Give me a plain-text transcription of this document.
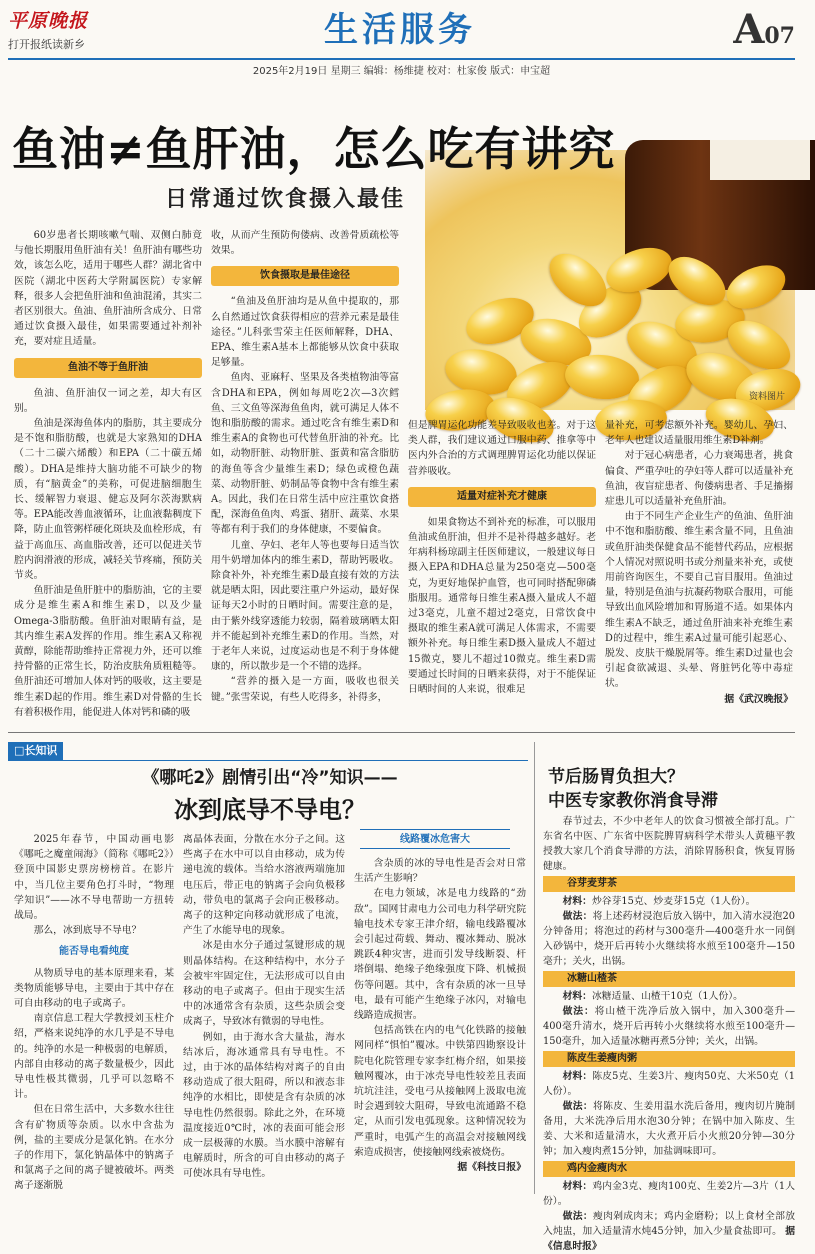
平原晚报
打开报纸读新乡	生活服务	A07
2025年2月19日 星期三 编辑：杨维捷 校对：杜家俊 版式：申宝超
资料图片
鱼油≠鱼肝油，怎么吃有讲究
日常通过饮食摄入最佳

60岁患者长期咳嗽气喘、双侧白肺竟与他长期服用鱼肝油有关！鱼肝油有哪些功效，该怎么吃，适用于哪些人群？湖北省中医院（湖北中医药大学附属医院）专家解释，很多人会把鱼肝油和鱼油混淆，其实二者区别很大。鱼油、鱼肝油所含成分、日常通过饮食摄入最佳，如果需要通过补剂补充，要对症且适量。

鱼油不等于鱼肝油

鱼油、鱼肝油仅一词之差，却大有区别。

鱼油是深海鱼体内的脂肪，其主要成分是不饱和脂肪酸，也就是大家熟知的DHA（二十二碳六烯酸）和EPA（二十碳五烯酸）。DHA是维持大脑功能不可缺少的物质，有“脑黄金”的美称，可促进脑细胞生长、缓解智力衰退、健忘及阿尔茨海默病等。EPA能改善血液循环，让血液黏稠度下降，防止血管粥样硬化斑块及血栓形成，有益于高血压、高血脂改善，还可以促进关节腔内润滑液的形成，减轻关节疼痛，预防关节炎。

鱼肝油是鱼肝脏中的脂肪油，它的主要成分是维生素A和维生素D，以及少量Omega-3脂肪酸。鱼肝油对眼睛有益，是其内维生素A发挥的作用。维生素A又称视黄醇，除能帮助维持正常视力外，还可以维持骨骼的正常生长，防治皮肤角质粗糙等。鱼肝油还可增加人体对钙的吸收，这主要是维生素D起的作用。维生素D对骨骼的生长有着积极作用，能促进人体对钙和磷的吸

收，从而产生预防佝偻病、改善骨质疏松等效果。

饮食摄取是最佳途径

“鱼油及鱼肝油均是从鱼中提取的，那么自然通过饮食获得相应的营养元素是最佳途径。”儿科张雪荣主任医师解释，DHA、EPA、维生素A基本上都能够从饮食中获取足够量。

鱼肉、亚麻籽、坚果及各类植物油等富含DHA和EPA，例如每周吃2次—3次鳕鱼、三文鱼等深海鱼鱼肉，就可满足人体不饱和脂肪酸的需求。通过吃含有维生素D和维生素A的食物也可代替鱼肝油的补充。比如，动物肝脏、动物肝脏、蛋黄和富含脂肪的海鱼等含少量维生素D；绿色或橙色蔬菜、动物肝脏、奶制品等食物中含有维生素A。因此，我们在日常生活中应注重饮食搭配，深海鱼鱼肉、鸡蛋、猪肝、蔬菜、水果等都有利于我们的身体健康，不要偏食。

儿童、孕妇、老年人等也要每日适当饮用牛奶增加体内的维生素D，帮助钙吸收。除食补外，补充维生素D最直接有效的方法就是晒太阳，因此要注重户外运动，最好保证每天2小时的日晒时间。需要注意的是，由于紫外线穿透能力较弱，隔着玻璃晒太阳并不能起到补充维生素D的作用。当然，对于老年人来说，过度运动也是不利于身体健康的，所以散步是一个不错的选择。

“营养的摄入是一方面，吸收也很关键。”张雪荣说，有些人吃得多，补得多，

但是脾胃运化功能差导致吸收也差。对于这类人群，我们建议通过口服中药、推拿等中医内外合治的方式调理脾胃运化功能以保证营养吸收。

适量对症补充才健康

如果食物达不到补充的标准，可以服用鱼油或鱼肝油，但并不是补得越多越好。老年病科杨琼副主任医师建议，一般建议每日摄入EPA和DHA总量为250毫克—500毫克，为更好地保护血管，也可同时搭配卵磷脂服用。通常每日维生素A摄入量成人不超过3毫克，儿童不超过2毫克，日常饮食中摄取的维生素A就可满足人体需求，不需要额外补充。每日维生素D摄入量成人不超过15微克，婴儿不超过10微克。维生素D需要通过长时间的日晒来获得，对于不能保证日晒时间的人来说，很难足

量补充，可考虑额外补充。婴幼儿、孕妇、老年人也建议适量服用维生素D补剂。

对于冠心病患者，心力衰竭患者，挑食偏食、严重孕吐的孕妇等人群可以适量补充鱼油，夜盲症患者、佝偻病患者、手足搐搦症患儿可以适量补充鱼肝油。

由于不同生产企业生产的鱼油、鱼肝油中不饱和脂肪酸、维生素含量不同，且鱼油或鱼肝油类保健食品不能替代药品，应根据个人情况对照说明书或分剂量来补充，或使用前咨询医生，不要自己盲目服用。鱼油过量，特别是鱼油与抗凝药物联合服用，可能导致出血风险增加和胃肠道不适。如果体内维生素A不缺乏，通过鱼肝油来补充维生素D的过程中，维生素A过量可能引起恶心、脱发、皮肤干燥脱屑等。维生素D过量也会引起食欲减退、头晕、肾脏钙化等中毒症状。

据《武汉晚报》

□长知识
《哪吒2》剧情引出“冷”知识——
冰到底导不导电？

2025年春节，中国动画电影《哪吒之魔童闹海》（简称《哪吒2》）登顶中国影史票房榜榜首。在影片中，当几位主要角色打斗时，“物理学知识”——冰不导电帮助一方扭转战局。

那么，冰到底导不导电？

能否导电看纯度

从物质导电的基本原理来看，某类物质能够导电，主要由于其中存在可自由移动的电子或离子。

南京信息工程大学教授刘玉柱介绍，严格来说纯净的水几乎是不导电的。纯净的水是一种极弱的电解质，内部自由移动的离子数量极少，因此导电性极其微弱，几乎可以忽略不计。

但在日常生活中，大多数水往往含有矿物质等杂质。以水中含盐为例，盐的主要成分是氯化钠。在水分子的作用下，氯化钠晶体中的钠离子和氯离子之间的离子键被破坏。两类离子逐渐脱

离晶体表面，分散在水分子之间。这些离子在水中可以自由移动，成为传递电流的载体。当给水溶液两端施加电压后，带正电的钠离子会向负极移动，带负电的氯离子会向正极移动。离子的这种定向移动就形成了电流，产生了水能导电的现象。

冰是由水分子通过氢键形成的规则晶体结构。在这种结构中，水分子会被牢牢固定住，无法形成可以自由移动的电子或离子。但由于现实生活中的冰通常含有杂质，这些杂质会变成离子，导致冰有微弱的导电性。

例如，由于海水含大量盐，海水结冰后，海冰通常具有导电性。不过，由于冰的晶体结构对离子的自由移动造成了很大阻碍，所以和液态非纯净的水相比，即使是含有杂质的冰导电性仍然很弱。除此之外，在环境温度接近0℃时，冰的表面可能会形成一层极薄的水膜。当水膜中溶解有电解质时，所含的可自由移动的离子可使冰具有导电性。

线路覆冰危害大

含杂质的冰的导电性是否会对日常生活产生影响？

在电力领域，冰是电力线路的“劲敌”。国网甘肃电力公司电力科学研究院输电技术专家王津介绍，输电线路覆冰会引起过荷载、舞动、覆冰舞动、脱冰跳跃4种灾害，进而引发导线断裂、杆塔倒塌、绝缘子绝缘强度下降、机械损伤等问题。其中，含有杂质的冰一旦导电，最有可能产生绝缘子冰闪，对输电线路造成损害。

包括高铁在内的电气化铁路的接触网同样“惧怕”覆冰。中铁第四勘察设计院电化院管理专家李红梅介绍，如果接触网覆冰，由于冰壳导电性较差且表面坑坑洼洼，受电弓从接触网上汲取电流时会遇到较大阻碍，导致电流通路不稳定，从而引发电弧现象。这种情况较为严重时，电弧产生的高温会对接触网线索造成损害，使接触网线索被烧伤。

据《科技日报》

节后肠胃负担大？
中医专家教你消食导滞

春节过去，不少中老年人的饮食习惯被全部打乱。广东省名中医、广东省中医院脾胃病科学术带头人黄穗平教授教大家几个消食导滞的方法，消除胃肠积食，恢复胃肠健康。

谷芽麦芽茶

材料：炒谷芽15克、炒麦芽15克（1人份）。

做法：将上述药材浸泡后放入锅中，加入清水浸泡20分钟备用；将泡过的药材与300毫升—400毫升水一同倒入砂锅中，烧开后再转小火继续将水煎至100毫升—150毫升；关火，出锅。

冰糖山楂茶

材料：冰糖适量、山楂干10克（1人份）。

做法：将山楂干洗净后放入锅中，加入300毫升—400毫升清水，烧开后再转小火继续将水煎至100毫升—150毫升，加入适量冰糖再煮5分钟；关火，出锅。

陈皮生姜瘦肉粥

材料：陈皮5克、生姜3片、瘦肉50克、大米50克（1人份）。

做法：将陈皮、生姜用温水洗后备用，瘦肉切片腌制备用，大米洗净后用水泡30分钟；在锅中加入陈皮、生姜、大米和适量清水，大火煮开后小火煎20分钟—30分钟；加入瘦肉煮15分钟，加盐调味即可。

鸡内金瘦肉水

材料：鸡内金3克、瘦肉100克、生姜2片—3片（1人份）。

做法：瘦肉剁成肉末；鸡内金磨粉；以上食材全部放入炖盅，加入适量清水炖45分钟，加入少量食盐即可。 据《信息时报》
